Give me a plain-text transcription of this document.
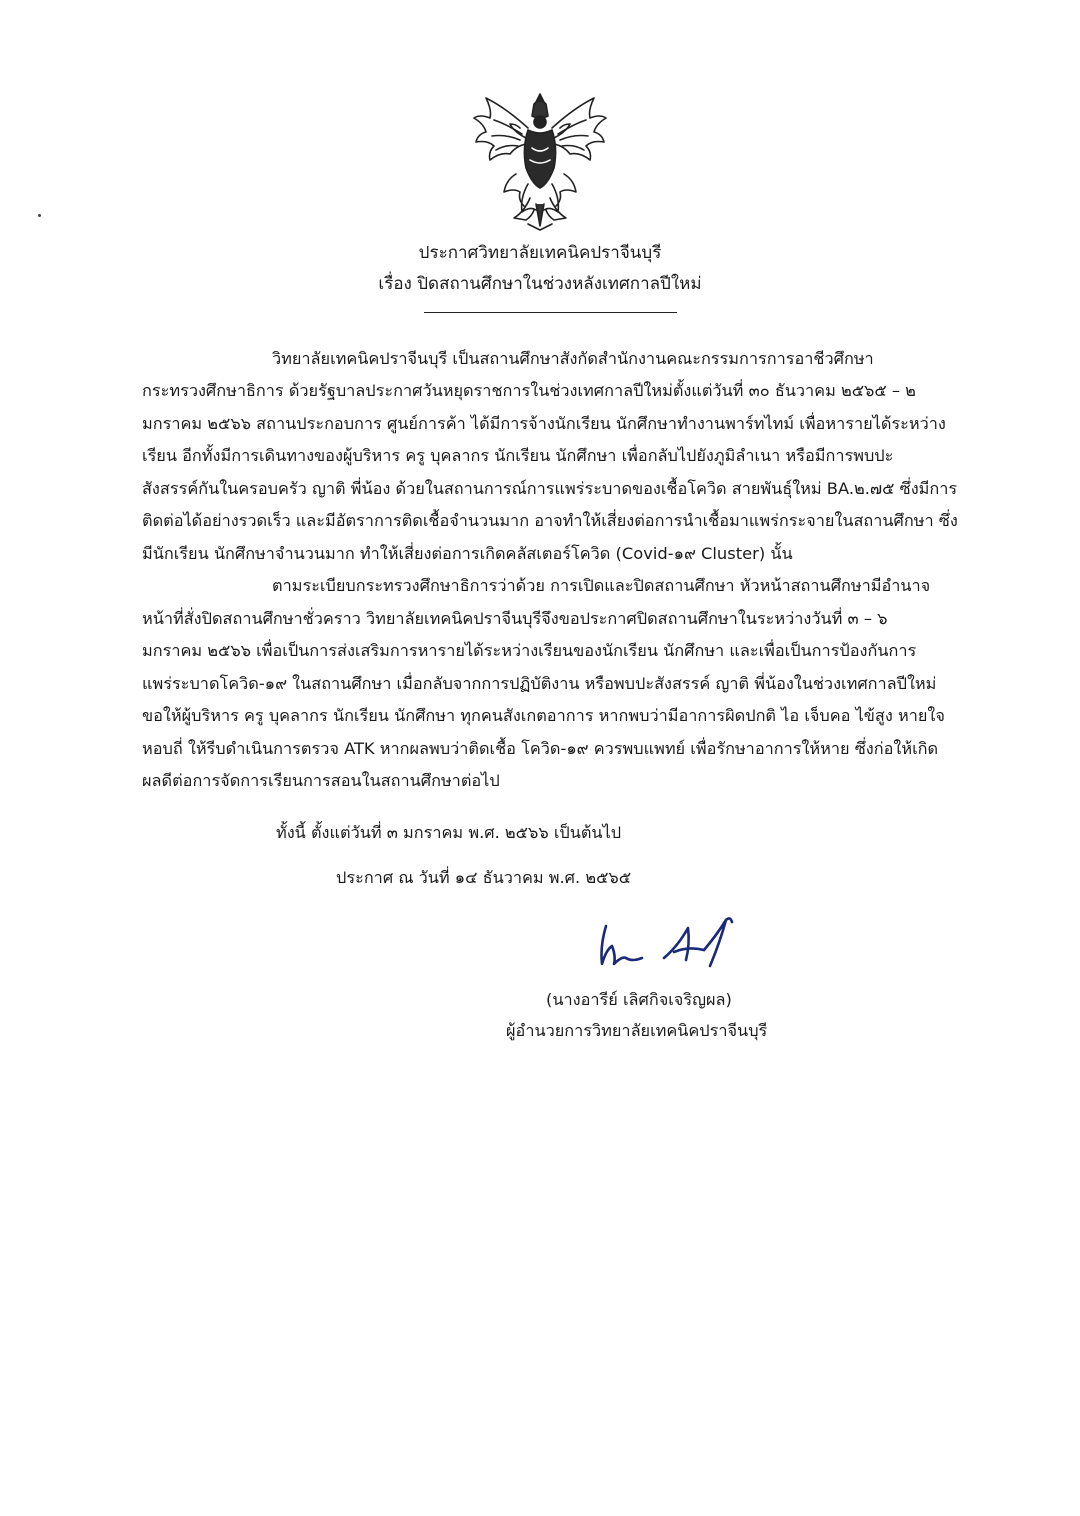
ประกาศวิทยาลัยเทคนิคปราจีนบุรี
เรื่อง ปิดสถานศึกษาในช่วงหลังเทศกาลปีใหม่
วิทยาลัยเทคนิคปราจีนบุรี เป็นสถานศึกษาสังกัดสำนักงานคณะกรรมการการอาชีวศึกษา
กระทรวงศึกษาธิการ ด้วยรัฐบาลประกาศวันหยุดราชการในช่วงเทศกาลปีใหม่ตั้งแต่วันที่ ๓๐ ธันวาคม ๒๕๖๕ – ๒
มกราคม ๒๕๖๖ สถานประกอบการ ศูนย์การค้า ได้มีการจ้างนักเรียน นักศึกษาทำงานพาร์ทไทม์ เพื่อหารายได้ระหว่าง
เรียน อีกทั้งมีการเดินทางของผู้บริหาร ครู บุคลากร นักเรียน นักศึกษา เพื่อกลับไปยังภูมิลำเนา หรือมีการพบปะ
สังสรรค์กันในครอบครัว ญาติ พี่น้อง ด้วยในสถานการณ์การแพร่ระบาดของเชื้อโควิด สายพันธุ์ใหม่ BA.๒.๗๕ ซึ่งมีการ
ติดต่อได้อย่างรวดเร็ว และมีอัตราการติดเชื้อจำนวนมาก อาจทำให้เสี่ยงต่อการนำเชื้อมาแพร่กระจายในสถานศึกษา ซึ่ง
มีนักเรียน นักศึกษาจำนวนมาก ทำให้เสี่ยงต่อการเกิดคลัสเตอร์โควิด (Covid-๑๙ Cluster) นั้น
ตามระเบียบกระทรวงศึกษาธิการว่าด้วย การเปิดและปิดสถานศึกษา หัวหน้าสถานศึกษามีอำนาจ
หน้าที่สั่งปิดสถานศึกษาชั่วคราว วิทยาลัยเทคนิคปราจีนบุรีจึงขอประกาศปิดสถานศึกษาในระหว่างวันที่ ๓ – ๖
มกราคม ๒๕๖๖ เพื่อเป็นการส่งเสริมการหารายได้ระหว่างเรียนของนักเรียน นักศึกษา และเพื่อเป็นการป้องกันการ
แพร่ระบาดโควิด-๑๙ ในสถานศึกษา เมื่อกลับจากการปฏิบัติงาน หรือพบปะสังสรรค์ ญาติ พี่น้องในช่วงเทศกาลปีใหม่
ขอให้ผู้บริหาร ครู บุคลากร นักเรียน นักศึกษา ทุกคนสังเกตอาการ หากพบว่ามีอาการผิดปกติ ไอ เจ็บคอ ไข้สูง หายใจ
หอบถี่ ให้รีบดำเนินการตรวจ ATK หากผลพบว่าติดเชื้อ โควิด-๑๙ ควรพบแพทย์ เพื่อรักษาอาการให้หาย ซึ่งก่อให้เกิด
ผลดีต่อการจัดการเรียนการสอนในสถานศึกษาต่อไป
ทั้งนี้ ตั้งแต่วันที่ ๓ มกราคม พ.ศ. ๒๕๖๖ เป็นต้นไป
ประกาศ ณ วันที่ ๑๔ ธันวาคม พ.ศ. ๒๕๖๕
(นางอารีย์ เลิศกิจเจริญผล)
ผู้อำนวยการวิทยาลัยเทคนิคปราจีนบุรี
